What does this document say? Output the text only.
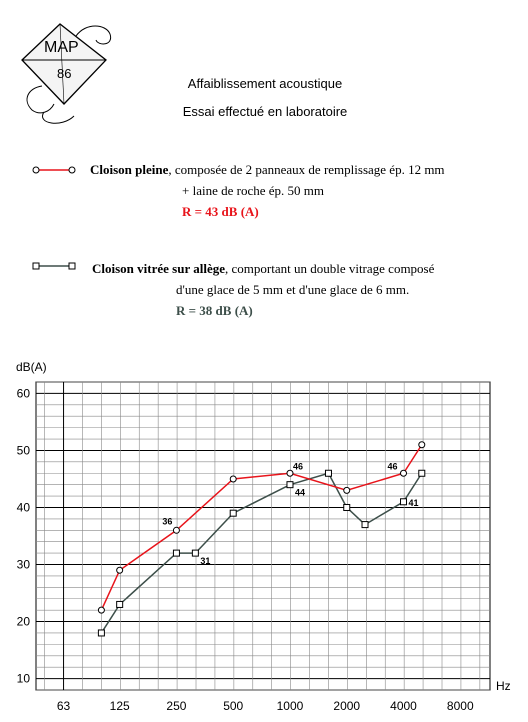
MAP
86
Affaiblissement acoustique
Essai effectué en laboratoire
Cloison pleine, composée de 2 panneaux de remplissage ép. 12 mm
+ laine de roche ép. 50 mm
R = 43 dB (A)
Cloison vitrée sur allège, comportant un double vitrage composé
d'une glace de 5 mm et d'une glace de 6 mm.
R = 38 dB (A)
10
20
30
40
50
60
63	125	250	500	1000	2000	4000	8000
dB(A)
Hz
31
44
41
36
46	46
